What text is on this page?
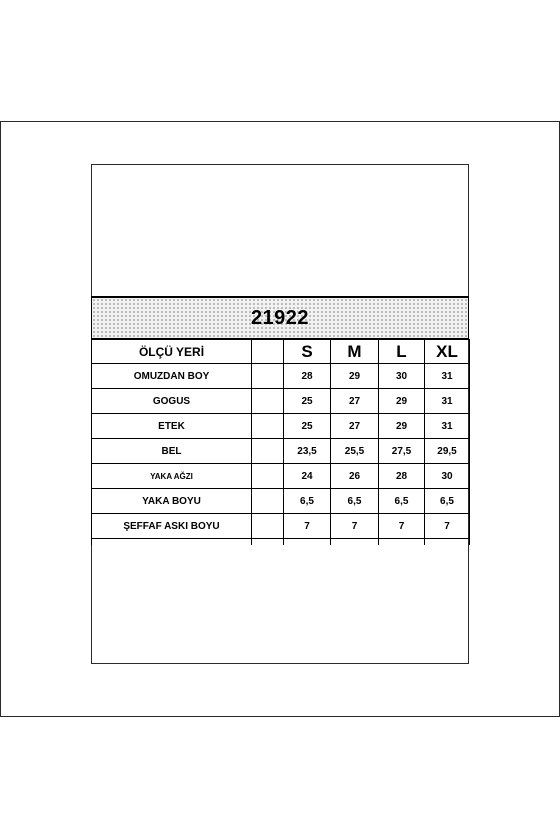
21922
ÖLÇÜ YERİ		S	M	L	XL
OMUZDAN BOY		28	29	30	31
GOGUS		25	27	29	31
ETEK		25	27	29	31
BEL		23,5	25,5	27,5	29,5
YAKA AĞZI		24	26	28	30
YAKA BOYU		6,5	6,5	6,5	6,5
ŞEFFAF ASKI BOYU		7	7	7	7
